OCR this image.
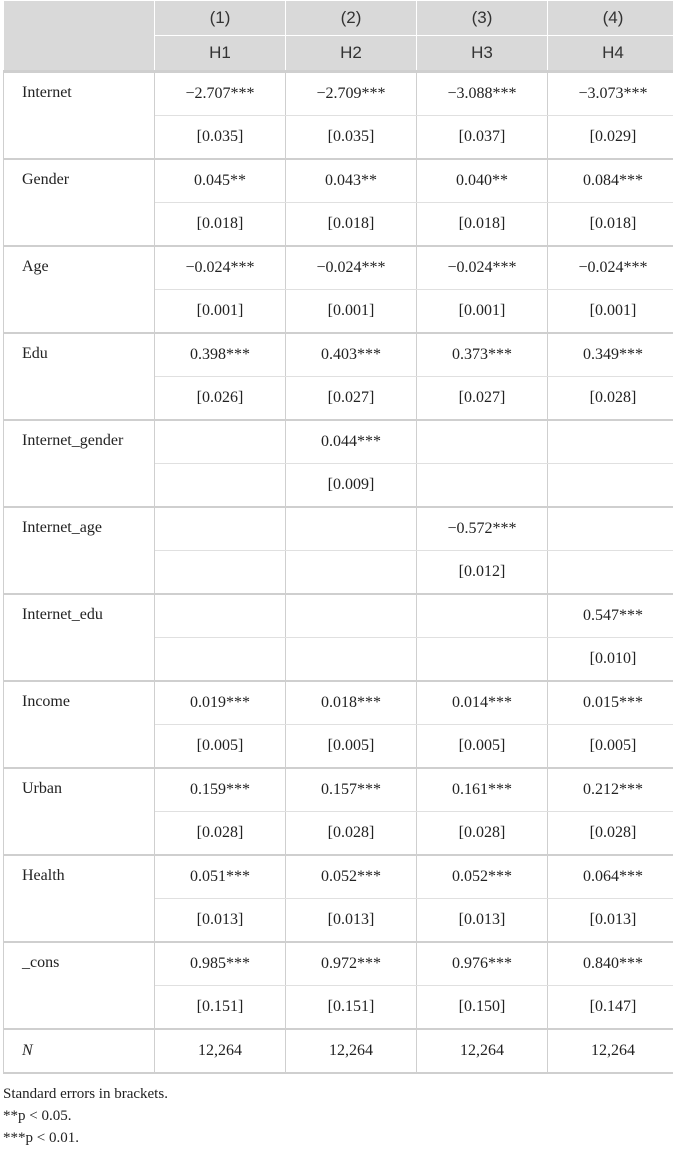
	(1)	(2)	(3)	(4)
	H1	H2	H3	H4
Internet	−2.707***	−2.709***	−3.088***	−3.073***
	[0.035]	[0.035]	[0.037]	[0.029]
Gender	0.045**	0.043**	0.040**	0.084***
	[0.018]	[0.018]	[0.018]	[0.018]
Age	−0.024***	−0.024***	−0.024***	−0.024***
	[0.001]	[0.001]	[0.001]	[0.001]
Edu	0.398***	0.403***	0.373***	0.349***
	[0.026]	[0.027]	[0.027]	[0.028]
Internet_gender		0.044***		
		[0.009]		
Internet_age			−0.572***	
			[0.012]	
Internet_edu				0.547***
				[0.010]
Income	0.019***	0.018***	0.014***	0.015***
	[0.005]	[0.005]	[0.005]	[0.005]
Urban	0.159***	0.157***	0.161***	0.212***
	[0.028]	[0.028]	[0.028]	[0.028]
Health	0.051***	0.052***	0.052***	0.064***
	[0.013]	[0.013]	[0.013]	[0.013]
_cons	0.985***	0.972***	0.976***	0.840***
	[0.151]	[0.151]	[0.150]	[0.147]
N	12,264	12,264	12,264	12,264
Standard errors in brackets.
**p < 0.05.
***p < 0.01.
